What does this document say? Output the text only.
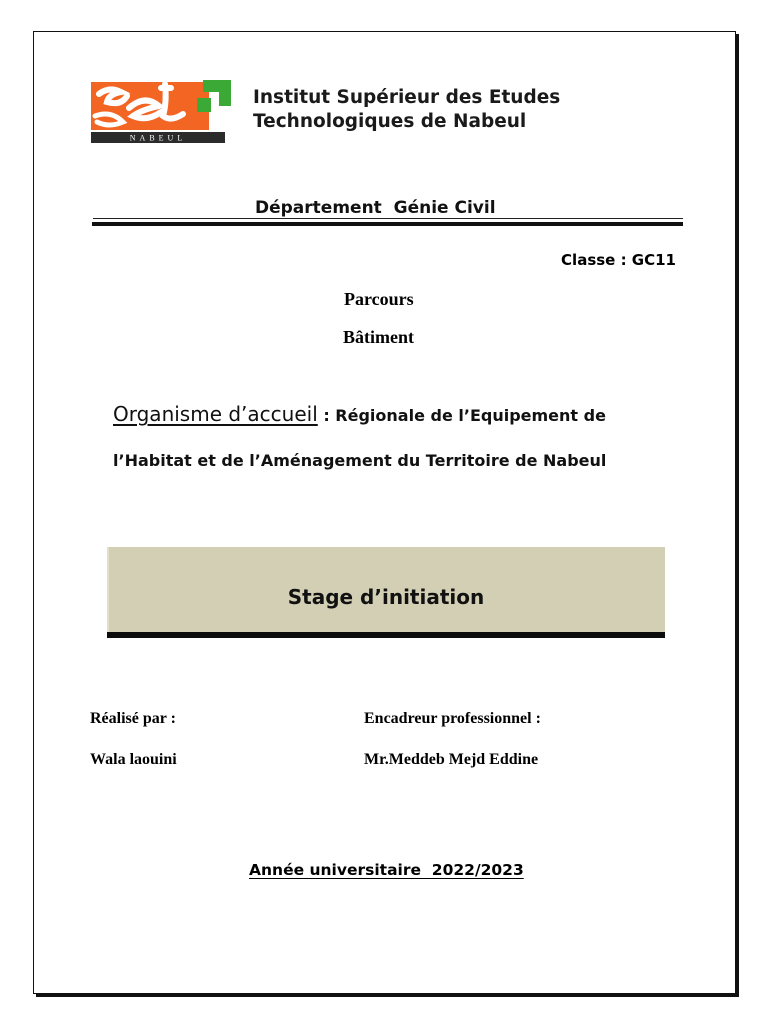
NABEUL
Institut Supérieur des Etudes
Technologiques de Nabeul
Département  Génie Civil
Classe : GC11
Parcours
Bâtiment
Organisme d’accueil : Régionale de l’Equipement de
l’Habitat et de l’Aménagement du Territoire de Nabeul
Stage d’initiation
Réalisé par :
Wala laouini
Encadreur professionnel :
Mr.Meddeb Mejd Eddine
Année universitaire  2022/2023
